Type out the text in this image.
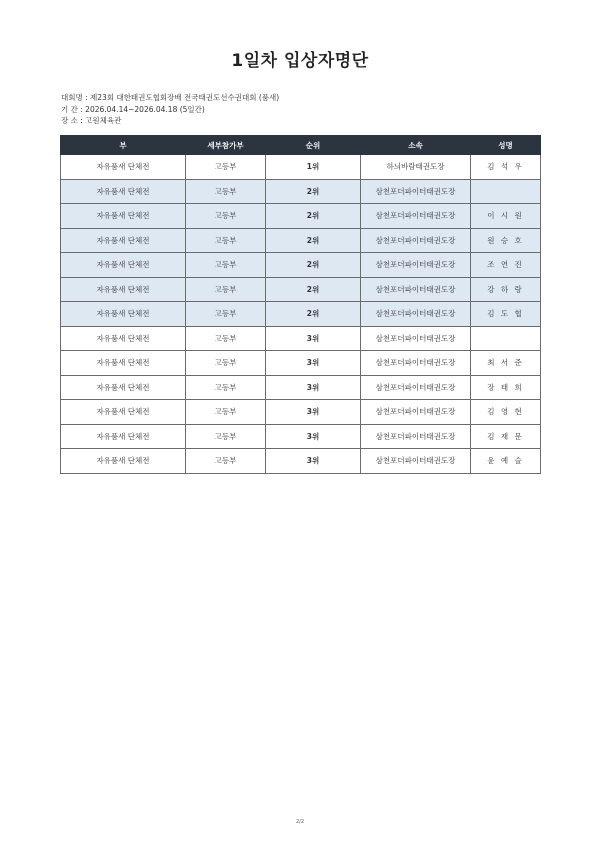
1일차 입상자명단
대회명 : 제23회 대한태권도협회장배 전국태권도선수권대회 (품새)
기 간 : 2026.04.14~2026.04.18 (5일간)
장 소 : 고원체육관
부	세부참가부	순위	소속	성명
자유품새 단체전	고등부	1위	하늬바람태권도장	김 석 우
자유품새 단체전	고등부	2위	삼천포더파이터태권도장	
자유품새 단체전	고등부	2위	삼천포더파이터태권도장	이 시 원
자유품새 단체전	고등부	2위	삼천포더파이터태권도장	원 승 호
자유품새 단체전	고등부	2위	삼천포더파이터태권도장	조 연 진
자유품새 단체전	고등부	2위	삼천포더파이터태권도장	강 하 랑
자유품새 단체전	고등부	2위	삼천포더파이터태권도장	김 도 협
자유품새 단체전	고등부	3위	삼천포더파이터태권도장	
자유품새 단체전	고등부	3위	삼천포더파이터태권도장	최 서 준
자유품새 단체전	고등부	3위	삼천포더파이터태권도장	장 태 희
자유품새 단체전	고등부	3위	삼천포더파이터태권도장	김 영 현
자유품새 단체전	고등부	3위	삼천포더파이터태권도장	김 재 문
자유품새 단체전	고등부	3위	삼천포더파이터태권도장	윤 예 슬
2/2
